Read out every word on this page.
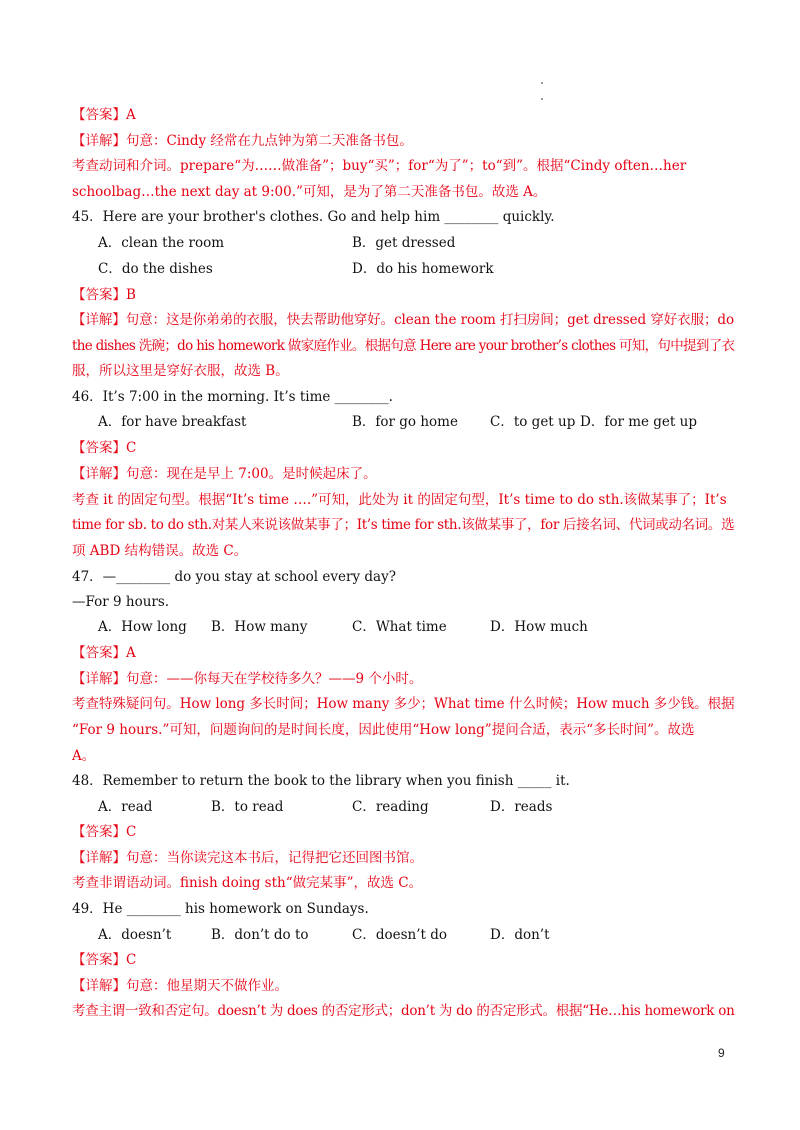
【答案】A
【详解】句意：Cindy 经常在九点钟为第二天准备书包。
考查动词和介词。prepare“为……做准备”；buy“买”；for“为了”；to“到”。根据“Cindy often…her
schoolbag…the next day at 9:00.”可知，是为了第二天准备书包。故选 A。
45．Here are your brother's clothes. Go and help him ________ quickly.
A．clean the room	B．get dressed
C．do the dishes	D．do his homework
【答案】B
【详解】句意：这是你弟弟的衣服，快去帮助他穿好。clean the room 打扫房间；get dressed 穿好衣服；do
the dishes 洗碗；do his homework 做家庭作业。根据句意 Here are your brother’s clothes 可知，句中提到了衣
服，所以这里是穿好衣服，故选 B。
46．It’s 7:00 in the morning. It’s time ________.
A．for have breakfast	B．for go home C．to get up D．for me get up
【答案】C
【详解】句意：现在是早上 7:00。是时候起床了。
考查 it 的固定句型。根据“It’s time ….”可知，此处为 it 的固定句型，It’s time to do sth.该做某事了；It’s
time for sb. to do sth.对某人来说该做某事了；It’s time for sth.该做某事了，for 后接名词、代词或动名词。选
项 ABD 结构错误。故选 C。
47．—________ do you stay at school every day?
—For 9 hours.
A．How long B．How many	C．What time	D．How much
【答案】A
【详解】句意：——你每天在学校待多久？——9 个小时。
考查特殊疑问句。How long 多长时间；How many 多少；What time 什么时候；How much 多少钱。根据
“For 9 hours.”可知，问题询问的是时间长度，因此使用“How long”提问合适，表示“多长时间”。故选
A。
48．Remember to return the book to the library when you finish _____ it.
A．read	B．to read	C．reading	D．reads
【答案】C
【详解】句意：当你读完这本书后，记得把它还回图书馆。
考查非谓语动词。finish doing sth“做完某事”，故选 C。
49．He ________ his homework on Sundays.
A．doesn’t	B．don’t do to	C．doesn’t do	D．don’t
【答案】C
【详解】句意：他星期天不做作业。
考查主谓一致和否定句。doesn’t 为 does 的否定形式；don’t 为 do 的否定形式。根据“He…his homework on
9
